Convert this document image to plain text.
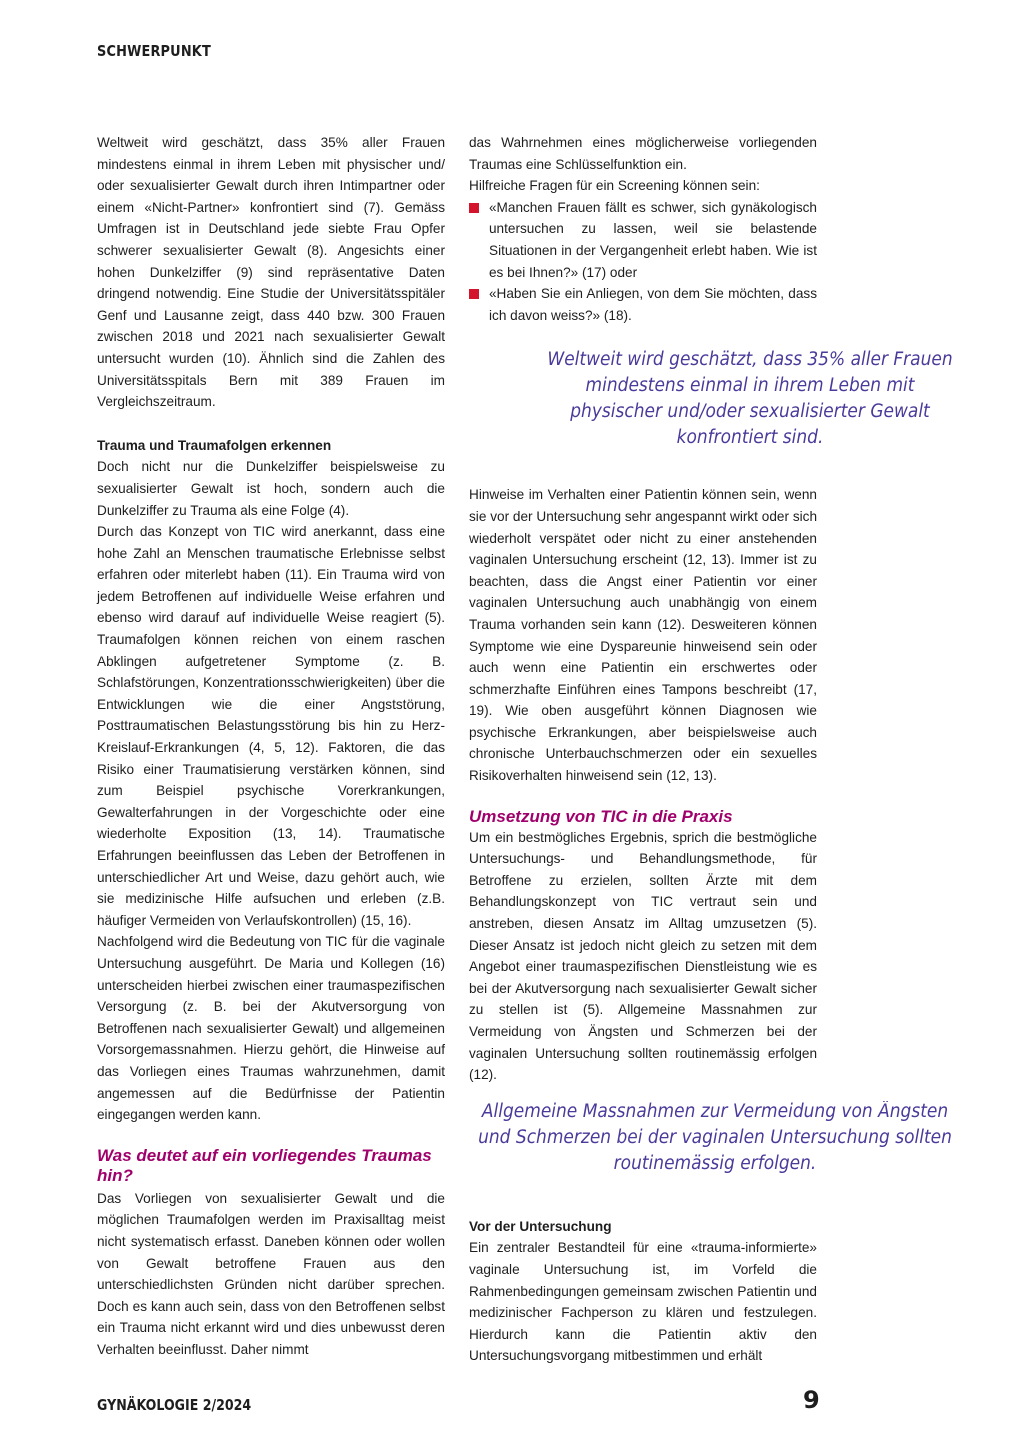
SCHWERPUNKT

Weltweit wird geschätzt, dass 35% aller Frauen mindestens einmal in ihrem Leben mit physischer und/ oder sexualisierter Gewalt durch ihren Intimpartner oder einem «Nicht-Partner» konfrontiert sind (7). Gemäss Umfragen ist in Deutschland jede siebte Frau Opfer schwerer sexualisierter Gewalt (8). Angesichts einer hohen Dunkelziffer (9) sind repräsentative Daten dringend notwendig. Eine Studie der Universitätsspitäler Genf und Lausanne zeigt, dass 440 bzw. 300 Frauen zwischen 2018 und 2021 nach sexualisierter Gewalt untersucht wurden (10). Ähnlich sind die Zahlen des Universitätsspitals Bern mit 389 Frauen im Vergleichszeitraum.

Trauma und Traumafolgen erkennen

Doch nicht nur die Dunkelziffer beispielsweise zu sexualisierter Gewalt ist hoch, sondern auch die Dunkelziffer zu Trauma als eine Folge (4).

Durch das Konzept von TIC wird anerkannt, dass eine hohe Zahl an Menschen traumatische Erlebnisse selbst erfahren oder miterlebt haben (11). Ein Trauma wird von jedem Betroffenen auf individuelle Weise erfahren und ebenso wird darauf auf individuelle Weise reagiert (5). Traumafolgen können reichen von einem raschen Abklingen aufgetretener Symptome (z. B. Schlafstörungen, Konzentrationsschwierigkeiten) über die Entwicklungen wie die einer Angststörung, Posttraumatischen Belastungsstörung bis hin zu Herz-Kreislauf-Erkrankungen (4, 5, 12). Faktoren, die das Risiko einer Traumatisierung verstärken können, sind zum Beispiel psychische Vorerkrankungen, Gewalterfahrungen in der Vorgeschichte oder eine wiederholte Exposition (13, 14). Traumatische Erfahrungen beeinflussen das Leben der Betroffenen in unterschiedlicher Art und Weise, dazu gehört auch, wie sie medizinische Hilfe aufsuchen und erleben (z.B. häufiger Vermeiden von Verlaufskontrollen) (15, 16).

Nachfolgend wird die Bedeutung von TIC für die vaginale Untersuchung ausgeführt. De Maria und Kollegen (16) unterscheiden hierbei zwischen einer traumaspezifischen Versorgung (z. B. bei der Akutversorgung von Betroffenen nach sexualisierter Gewalt) und allgemeinen Vorsorgemassnahmen. Hierzu gehört, die Hinweise auf das Vorliegen eines Traumas wahrzunehmen, damit angemessen auf die Bedürfnisse der Patientin eingegangen werden kann.

Was deutet auf ein vorliegendes Traumas hin?

Das Vorliegen von sexualisierter Gewalt und die möglichen Traumafolgen werden im Praxisalltag meist nicht systematisch erfasst. Daneben können oder wollen von Gewalt betroffene Frauen aus den unterschiedlichsten Gründen nicht darüber sprechen. Doch es kann auch sein, dass von den Betroffenen selbst ein Trauma nicht erkannt wird und dies unbewusst deren Verhalten beeinflusst. Daher nimmt

das Wahrnehmen eines möglicherweise vorliegenden Traumas eine Schlüsselfunktion ein.

Hilfreiche Fragen für ein Screening können sein:

«Manchen Frauen fällt es schwer, sich gynäkologisch untersuchen zu lassen, weil sie belastende Situationen in der Vergangenheit erlebt haben. Wie ist es bei Ihnen?» (17) oder
«Haben Sie ein Anliegen, von dem Sie möchten, dass ich davon weiss?» (18).

Hinweise im Verhalten einer Patientin können sein, wenn sie vor der Untersuchung sehr angespannt wirkt oder sich wiederholt verspätet oder nicht zu einer anstehenden vaginalen Untersuchung erscheint (12, 13). Immer ist zu beachten, dass die Angst einer Patientin vor einer vaginalen Untersuchung auch unabhängig von einem Trauma vorhanden sein kann (12). Desweiteren können Symptome wie eine Dyspareunie hinweisend sein oder auch wenn eine Patientin ein erschwertes oder schmerzhafte Einführen eines Tampons beschreibt (17, 19). Wie oben ausgeführt können Diagnosen wie psychische Erkrankungen, aber beispielsweise auch chronische Unterbauchschmerzen oder ein sexuelles Risikoverhalten hinweisend sein (12, 13).

Umsetzung von TIC in die Praxis

Um ein bestmögliches Ergebnis, sprich die bestmögliche Untersuchungs- und Behandlungsmethode, für Betroffene zu erzielen, sollten Ärzte mit dem Behandlungskonzept von TIC vertraut sein und anstreben, diesen Ansatz im Alltag umzusetzen (5). Dieser Ansatz ist jedoch nicht gleich zu setzen mit dem Angebot einer traumaspezifischen Dienstleistung wie es bei der Akutversorgung nach sexualisierter Gewalt sicher zu stellen ist (5). Allgemeine Massnahmen zur Vermeidung von Ängsten und Schmerzen bei der vaginalen Untersuchung sollten routinemässig erfolgen (12).

Vor der Untersuchung

Ein zentraler Bestandteil für eine «trauma-informierte» vaginale Untersuchung ist, im Vorfeld die Rahmenbedingungen gemeinsam zwischen Patientin und medizinischer Fachperson zu klären und festzulegen. Hierdurch kann die Patientin aktiv den Untersuchungsvorgang mitbestimmen und erhält

Weltweit wird geschätzt, dass 35% aller Frauen mindestens einmal in ihrem Leben mit physischer und/oder sexualisierter Gewalt konfrontiert sind.

Allgemeine Massnahmen zur Vermeidung von Ängsten und Schmerzen bei der vaginalen Untersuchung sollten routinemässig erfolgen.

GYNÄKOLOGIE 2/2024	9
